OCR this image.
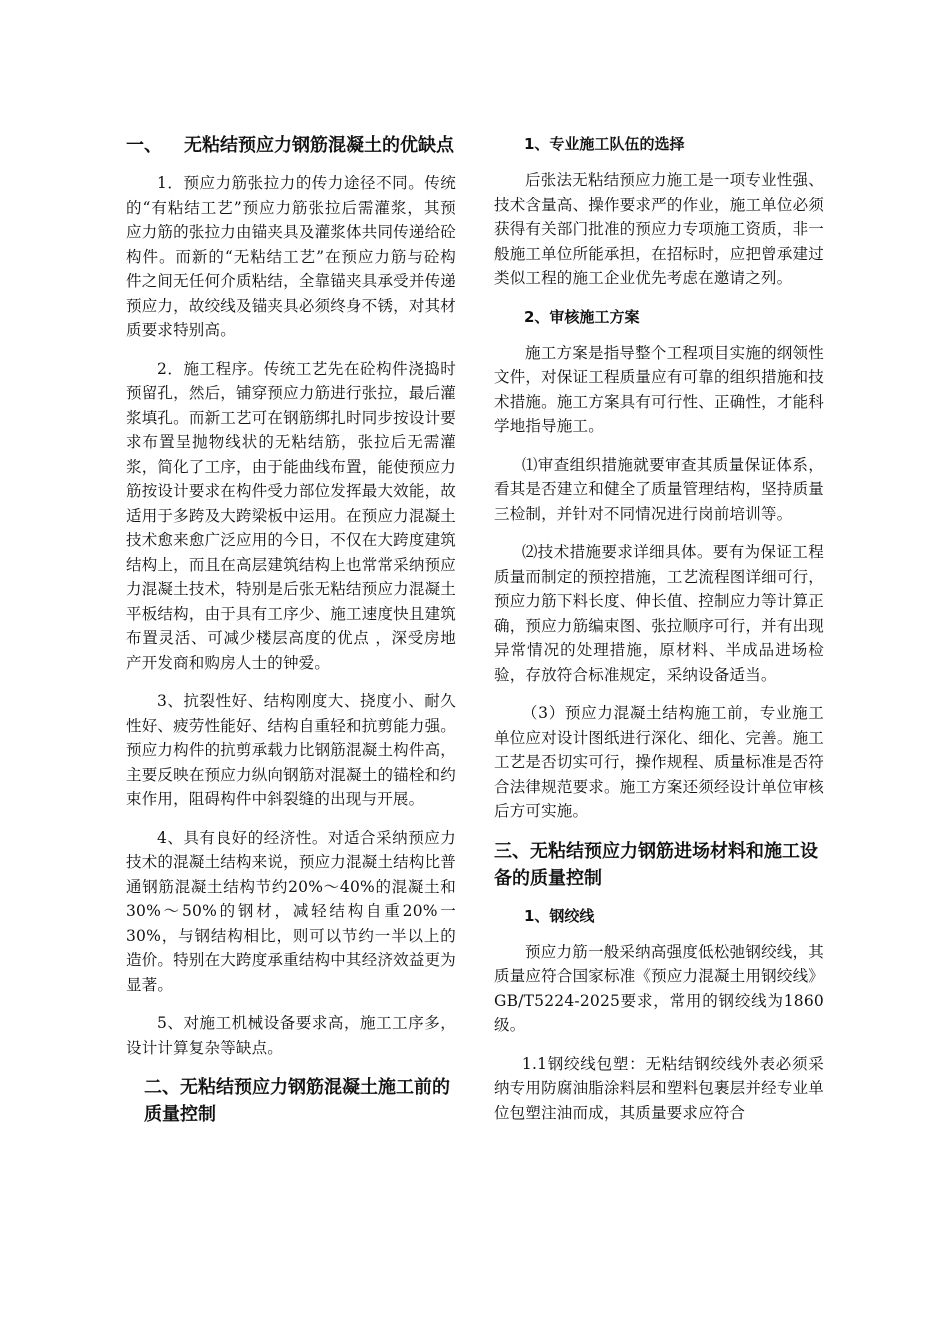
一、	无粘结预应力钢筋混凝土的优缺点

1．预应力筋张拉力的传力途径不同。传统的“有粘结工艺”预应力筋张拉后需灌浆，其预应力筋的张拉力由锚夹具及灌浆体共同传递给砼构件。而新的“无粘结工艺”在预应力筋与砼构件之间无任何介质粘结，全靠锚夹具承受并传递预应力，故绞线及锚夹具必须终身不锈，对其材质要求特别高。

2．施工程序。传统工艺先在砼构件浇捣时预留孔，然后，铺穿预应力筋进行张拉，最后灌浆填孔。而新工艺可在钢筋绑扎时同步按设计要求布置呈抛物线状的无粘结筋，张拉后无需灌浆，简化了工序，由于能曲线布置，能使预应力筋按设计要求在构件受力部位发挥最大效能，故适用于多跨及大跨梁板中运用。在预应力混凝土技术愈来愈广泛应用的今日，不仅在大跨度建筑结构上，而且在高层建筑结构上也常常采纳预应力混凝土技术，特别是后张无粘结预应力混凝土平板结构，由于具有工序少、施工速度快且建筑布置灵活、可减少楼层高度的优点 ，深受房地产开发商和购房人士的钟爱。

3、抗裂性好、结构刚度大、挠度小、耐久性好、疲劳性能好、结构自重轻和抗剪能力强。预应力构件的抗剪承载力比钢筋混凝土构件高，主要反映在预应力纵向钢筋对混凝土的锚栓和约束作用，阻碍构件中斜裂缝的出现与开展。

4、具有良好的经济性。对适合采纳预应力技术的混凝土结构来说，预应力混凝土结构比普通钢筋混凝土结构节约20%～40%的混凝土和30%～50%的钢材，减轻结构自重20%一30%，与钢结构相比，则可以节约一半以上的造价。特别在大跨度承重结构中其经济效益更为显著。

5、对施工机械设备要求高，施工工序多，设计计算复杂等缺点。

二、无粘结预应力钢筋混凝土施工前的质量控制
1、专业施工队伍的选择

后张法无粘结预应力施工是一项专业性强、技术含量高、操作要求严的作业，施工单位必须获得有关部门批准的预应力专项施工资质，非一般施工单位所能承担，在招标时，应把曾承建过类似工程的施工企业优先考虑在邀请之列。

2、审核施工方案

施工方案是指导整个工程项目实施的纲领性文件，对保证工程质量应有可靠的组织措施和技术措施。施工方案具有可行性、正确性，才能科学地指导施工。

⑴审查组织措施就要审查其质量保证体系，看其是否建立和健全了质量管理结构，坚持质量三检制，并针对不同情况进行岗前培训等。

⑵技术措施要求详细具体。要有为保证工程质量而制定的预控措施，工艺流程图详细可行，预应力筋下料长度、伸长值、控制应力等计算正确，预应力筋编束图、张拉顺序可行，并有出现异常情况的处理措施，原材料、半成品进场检验，存放符合标准规定，采纳设备适当。

（3）预应力混凝土结构施工前，专业施工单位应对设计图纸进行深化、细化、完善。施工工艺是否切实可行，操作规程、质量标准是否符合法律规范要求。施工方案还须经设计单位审核后方可实施。

三、无粘结预应力钢筋进场材料和施工设备的质量控制
1、钢绞线

预应力筋一般采纳高强度低松弛钢绞线，其质量应符合国家标准《预应力混凝土用钢绞线》GB/T5224-2025要求，常用的钢绞线为1860级。

1.1钢绞线包塑：无粘结钢绞线外表必须采纳专用防腐油脂涂料层和塑料包裹层并经专业单位包塑注油而成，其质量要求应符合
